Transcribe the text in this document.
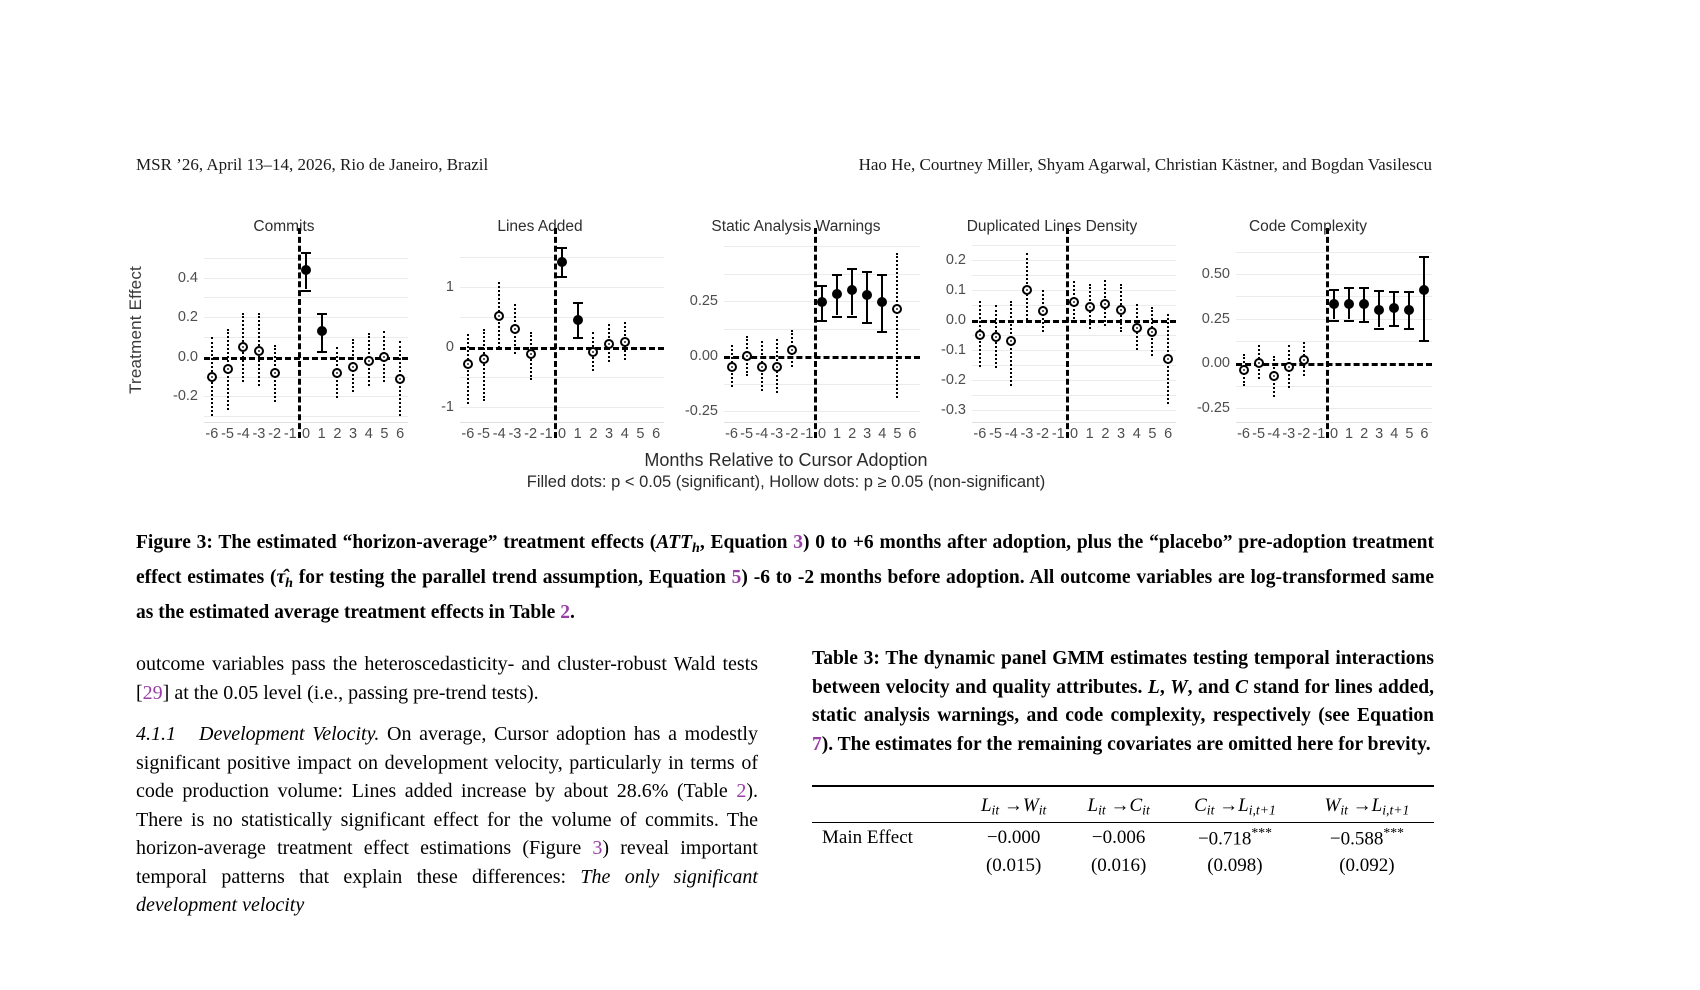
MSR ’26, April 13–14, 2026, Rio de Janeiro, Brazil	Hao He, Courtney Miller, Shyam Agarwal, Christian Kästner, and Bogdan Vasilescu
Treatment Effect
Commits
-0.2
0.0
0.2
0.4
-6 -5 -4 -3 -2 -1 0 1 2 3 4 5 6
Lines Added
-1
0
1
-6 -5 -4 -3 -2 -1 0 1 2 3 4 5 6
Static Analysis Warnings
-0.25
0.00
0.25
-6 -5 -4 -3 -2 -1 0 1 2 3 4 5 6
Duplicated Lines Density
-0.3
-0.2
-0.1
0.0
0.1
0.2
-6 -5 -4 -3 -2 -1 0 1 2 3 4 5 6
Code Complexity
-0.25
0.00
0.25
0.50
-6 -5 -4 -3 -2 -1 0 1 2 3 4 5 6
Months Relative to Cursor Adoption
Filled dots: p < 0.05 (significant), Hollow dots: p ≥ 0.05 (non-significant)
Figure 3: The estimated “horizon-average” treatment effects ($ATT_h$, Equation 3) 0 to +6 months after adoption, plus the “placebo” pre-adoption treatment effect estimates ($\taû_h$ for testing the parallel trend assumption, Equation 5) -6 to -2 months before adoption. All outcome variables are log-transformed same as the estimated average treatment effects in Table 2.

outcome variables pass the heteroscedasticity- and cluster-robust Wald tests [29] at the 0.05 level (i.e., passing pre-trend tests).

4.1.1 Development Velocity. On average, Cursor adoption has a modestly significant positive impact on development velocity, particularly in terms of code production volume: Lines added increase by about 28.6% (Table 2). There is no statistically significant effect for the volume of commits. The horizon-average treatment effect estimations (Figure 3) reveal important temporal patterns that explain these differences: The only significant development velocity

Table 3: The dynamic panel GMM estimates testing temporal interactions between velocity and quality attributes. L, W, and C stand for lines added, static analysis warnings, and code complexity, respectively (see Equation 7). The estimates for the remaining covariates are omitted here for brevity.

	Lit →Wit	Lit →Cit	Cit →Li,t+1	Wit →Li,t+1

Main Effect	−0.000	−0.006	−0.718***	−0.588***
	(0.015)	(0.016)	(0.098)	(0.092)
